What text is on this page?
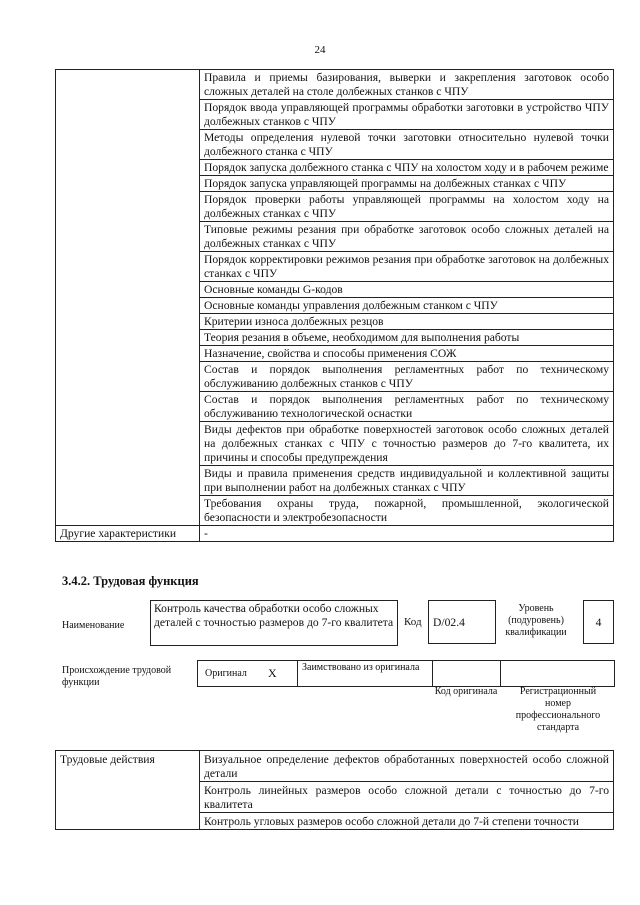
24
	Правила и приемы базирования, выверки и закрепления заготовок особо сложных деталей на столе долбежных станков с ЧПУ
	Порядок ввода управляющей программы обработки заготовки в устройство ЧПУ долбежных станков с ЧПУ
	Методы определения нулевой точки заготовки относительно нулевой точки долбежного станка с ЧПУ
	Порядок запуска долбежного станка с ЧПУ на холостом ходу и в рабочем режиме
	Порядок запуска управляющей программы на долбежных станках с ЧПУ
	Порядок проверки работы управляющей программы на холостом ходу на долбежных станках с ЧПУ
	Типовые режимы резания при обработке заготовок особо сложных деталей на долбежных станках с ЧПУ
	Порядок корректировки режимов резания при обработке заготовок на долбежных станках с ЧПУ
	Основные команды G-кодов
	Основные команды управления долбежным станком с ЧПУ
	Критерии износа долбежных резцов
	Теория резания в объеме, необходимом для выполнения работы
	Назначение, свойства и способы применения СОЖ
	Состав и порядок выполнения регламентных работ по техническому обслуживанию долбежных станков с ЧПУ
	Состав и порядок выполнения регламентных работ по техническому обслуживанию технологической оснастки
	Виды дефектов при обработке поверхностей заготовок особо сложных деталей на долбежных станках с ЧПУ с точностью размеров до 7-го квалитета, их причины и способы предупреждения
	Виды и правила применения средств индивидуальной и коллективной защиты при выполнении работ на долбежных станках с ЧПУ
	Требования охраны труда, пожарной, промышленной, экологической безопасности и электробезопасности
Другие характеристики	-
3.4.2. Трудовая функция
Наименование
Контроль качества обработки особо сложных деталей с точностью размеров до 7-го квалитета Код D/02.4
Уровень (подуровень) квалификации
4
Происхождение трудовой функции
Оригинал X	Заимствовано из оригинала
Код оригинала	Регистрационный номер профессионального стандарта
Трудовые действия	Визуальное определение дефектов обработанных поверхностей особо сложной детали
Контроль линейных размеров особо сложной детали с точностью до 7-го квалитета
Контроль угловых размеров особо сложной детали до 7-й степени точности
